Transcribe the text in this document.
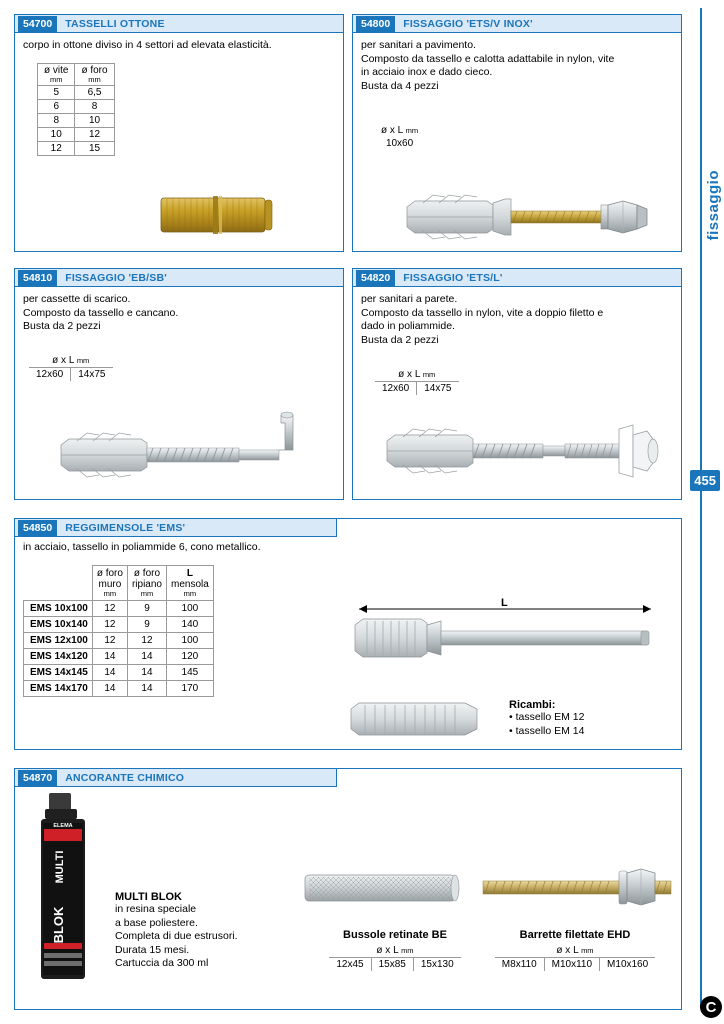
54700	TASSELLI OTTONE
corpo in ottone diviso in 4 settori ad elevata elasticità.
ø vite
mm	ø foro
mm

5	6,5
6	8
8	10
10	12
12	15
54800	FISSAGGIO 'ETS/V INOX'
per sanitari a pavimento.
Composto da tassello e calotta adattabile in nylon, vite
in acciaio inox e dado cieco.
Busta da 4 pezzi
ø x L mm
10x60
54810	FISSAGGIO 'EB/SB'
per cassette di scarico.
Composto da tassello e cancano.
Busta da 2 pezzi
ø x L mm
12x60	14x75
54820	FISSAGGIO 'ETS/L'
per sanitari a parete.
Composto da tassello in nylon, vite a doppio filetto e
dado in poliammide.
Busta da 2 pezzi
ø x L mm
12x60	14x75
54850	REGGIMENSOLE 'EMS'
in acciaio, tassello in poliammide 6, cono metallico.
	ø foro
muro

mm	ø foro
ripiano

mm	L
mensola

mm

EMS 10x100	12	9	100
EMS 10x140	12	9	140
EMS 12x100	12	12	100
EMS 14x120	14	14	120
EMS 14x145	14	14	145
EMS 14x170	14	14	170
L
Ricambi:
• tassello EM 12
• tassello EM 14
54870	ANCORANTE CHIMICO
MULTI
BLOK
ELEMA
MULTI BLOK
in resina speciale
a base poliestere.
Completa di due estrusori.
Durata 15 mesi.
Cartuccia da 300 ml
Bussole retinate BE
ø x L mm
12x45	15x85	15x130
Barrette filettate EHD
ø x L mm
M8x110	M10x110	M10x160
fissaggio
455
C
